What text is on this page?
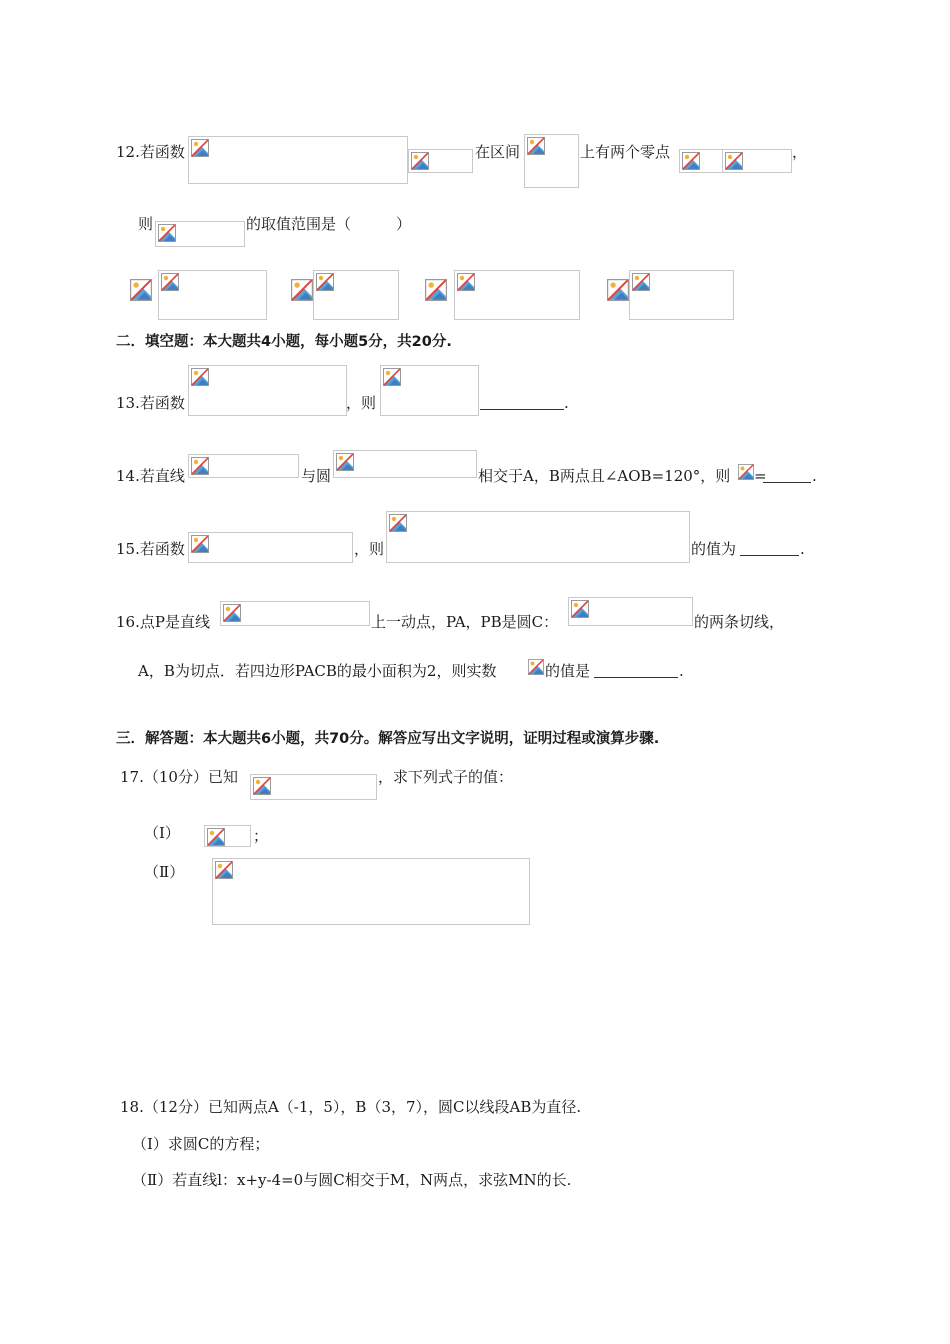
12.若函数	在区间	上有两个零点	，
则	的取值范围是（　　　）
二．填空题：本大题共4小题，每小题5分，共20分.
13.若函数	，则	.
14.若直线	与圆	相交于A，B两点且∠AOB=120°，则 =	.
15.若函数	，则	的值为	.
16.点P是直线	上一动点，PA，PB是圆C：	的两条切线，
A，B为切点．若四边形PACB的最小面积为2，则实数	的值是	.
三．解答题：本大题共6小题，共70分。解答应写出文字说明，证明过程或演算步骤.
17.（10分）已知	，求下列式子的值：
（Ⅰ）	；
（Ⅱ）
18.（12分）已知两点A（-1，5），B（3，7），圆C以线段AB为直径.
（Ⅰ）求圆C的方程；
（Ⅱ）若直线l：x+y-4=0与圆C相交于M，N两点，求弦MN的长.
